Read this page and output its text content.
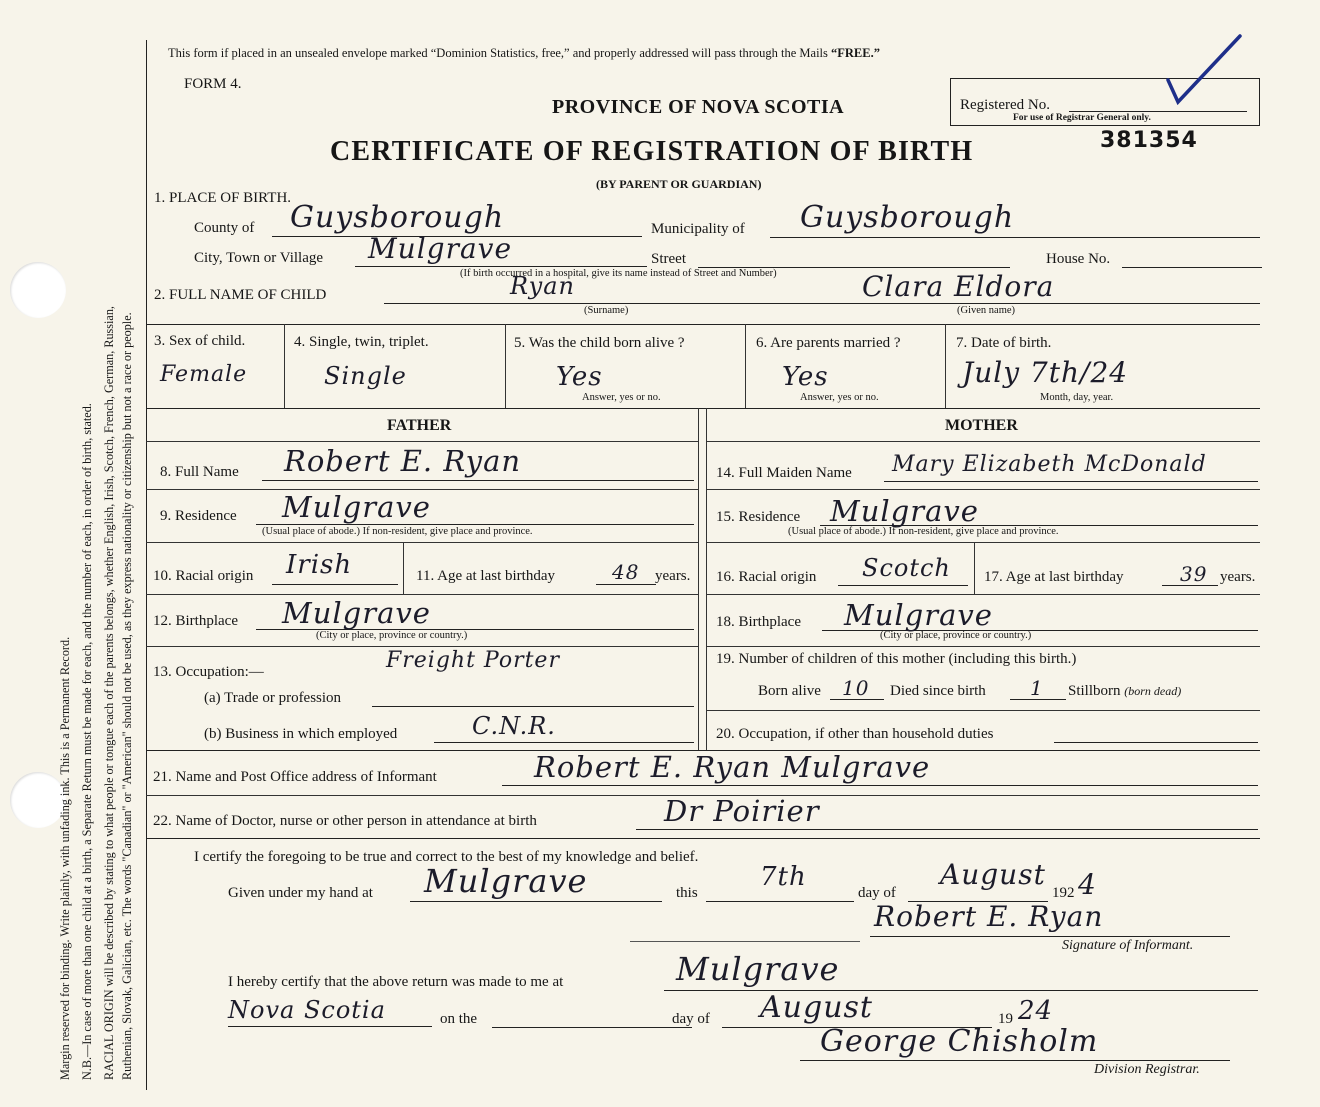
Margin reserved for binding. Write plainly, with unfading ink. This is a Permanent Record. N.B.—In case of more than one child at a birth, a Separate Return must be made for each, and the number of each, in order of birth, stated. RACIAL ORIGIN will be described by stating to what people or tongue each of the parents belongs, whether English, Irish, Scotch, French, German, Russian, Ruthenian, Slovak, Galician, etc. The words "Canadian" or "American" should not be used, as they express nationality or citizenship but not a race or people.
This form if placed in an unsealed envelope marked “Dominion Statistics, free,” and properly addressed will pass through the Mails “FREE.”
FORM 4.
PROVINCE OF NOVA SCOTIA
CERTIFICATE OF REGISTRATION OF BIRTH
(BY PARENT OR GUARDIAN)
Registered No.
For use of Registrar General only.
381354
1. PLACE OF BIRTH.
County of Guysborough	Municipality of Guysborough
City, Town or Village Mulgrave	Street	House No.
(If birth occurred in a hospital, give its name instead of Street and Number)
2. FULL NAME OF CHILD	Ryan
(Surname)
Clara Eldora
(Given name)
3. Sex of child.
Female
4. Single, twin, triplet.
Single
5. Was the child born alive ?
Yes
Answer, yes or no.
6. Are parents married ?
Yes
Answer, yes or no.
7. Date of birth.
July 7th/24
Month, day, year.
FATHER	MOTHER
8. Full Name Robert E. Ryan	14. Full Maiden Name Mary Elizabeth McDonald
9. Residence Mulgrave
(Usual place of abode.) If non-resident, give place and province.
15. Residence Mulgrave
(Usual place of abode.) If non-resident, give place and province.
10. Racial origin Irish	11. Age at last birthday	48 years. 16. Racial origin Scotch 17. Age at last birthday	39 years.
12. Birthplace Mulgrave
(City or place, province or country.)
18. Birthplace Mulgrave
(City or place, province or country.)
13. Occupation:—	Freight Porter
(a) Trade or profession
(b) Business in which employed	C.N.R.
19. Number of children of this mother (including this birth.)
Born alive 10 Died since birth 1 Stillborn (born dead)
20. Occupation, if other than household duties
21. Name and Post Office address of Informant	Robert E. Ryan Mulgrave
22. Name of Doctor, nurse or other person in attendance at birth	Dr Poirier
I certify the foregoing to be true and correct to the best of my knowledge and belief.
Given under my hand at Mulgrave	this
7th
day of
August
192 4
Robert E. Ryan
Signature of Informant.
I hereby certify that the above return was made to me at	Mulgrave
Nova Scotia	on the	day of August	19 24
George Chisholm
Division Registrar.
